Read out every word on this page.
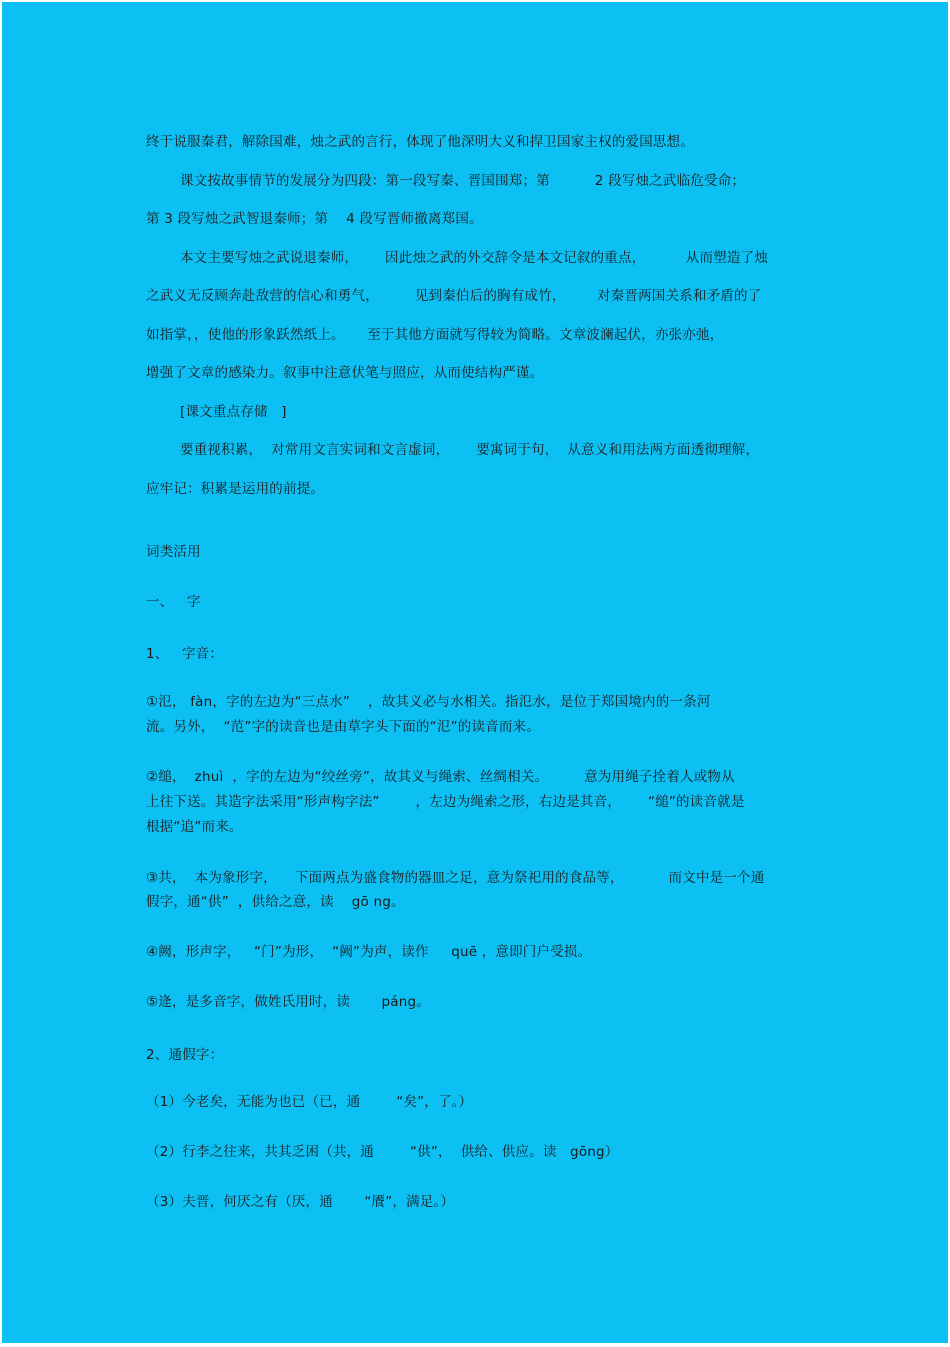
终于说服秦君，解除国难，烛之武的言行，体现了他深明大义和捍卫国家主权的爱国思想。
课文按故事情节的发展分为四段：第一段写秦、晋国围郑；第          2 段写烛之武临危受命；
第 3 段写烛之武智退秦师；第    4 段写晋师撤离郑国。
本文主要写烛之武说退秦师，      因此烛之武的外交辞令是本文记叙的重点，         从而塑造了烛
之武义无反顾奔赴敌营的信心和勇气，        见到秦伯后的胸有成竹，       对秦晋两国关系和矛盾的了
如指掌，，使他的形象跃然纸上。     至于其他方面就写得较为简略。文章波澜起伏，亦张亦弛，
增强了文章的感染力。叙事中注意伏笔与照应，从而使结构严谨。
[课文重点存储   ]
要重视积累，  对常用文言实词和文言虚词，      要寓词于句，  从意义和用法两方面透彻理解，
应牢记：积累是运用的前提。
词类活用
一、   字
1、   字音：
①氾， fàn，字的左边为“三点水”    ，故其义必与水相关。指氾水，是位于郑国境内的一条河
流。另外，  “范”字的读音也是由草字头下面的“氾”的读音而来。
②缒，  zhuì  ，字的左边为“绞丝旁”，故其义与绳索、丝绸相关。        意为用绳子拴着人或物从
上往下送。其造字法采用“形声构字法”        ，左边为绳索之形，右边是其音，      “缒”的读音就是
根据“追”而来。
③共，  本为象形字，    下面两点为盛食物的器皿之足，意为祭祀用的食品等，          而文中是一个通
假字，通“供”  ，供给之意，读    gō ng。
④阙，形声字，   “门”为形，  “阙”为声，读作     quē ，意即门户受损。
⑤逄，是多音字，做姓氏用时，读       páng。
2、通假字：
（1）今老矣，无能为也已（已，通        “矣”，了。）
（2）行李之往来，共其乏困（共，通        “供”，  供给、供应。读   gōng）
（3）夫晋，何厌之有（厌，通       “餍”，满足。）
